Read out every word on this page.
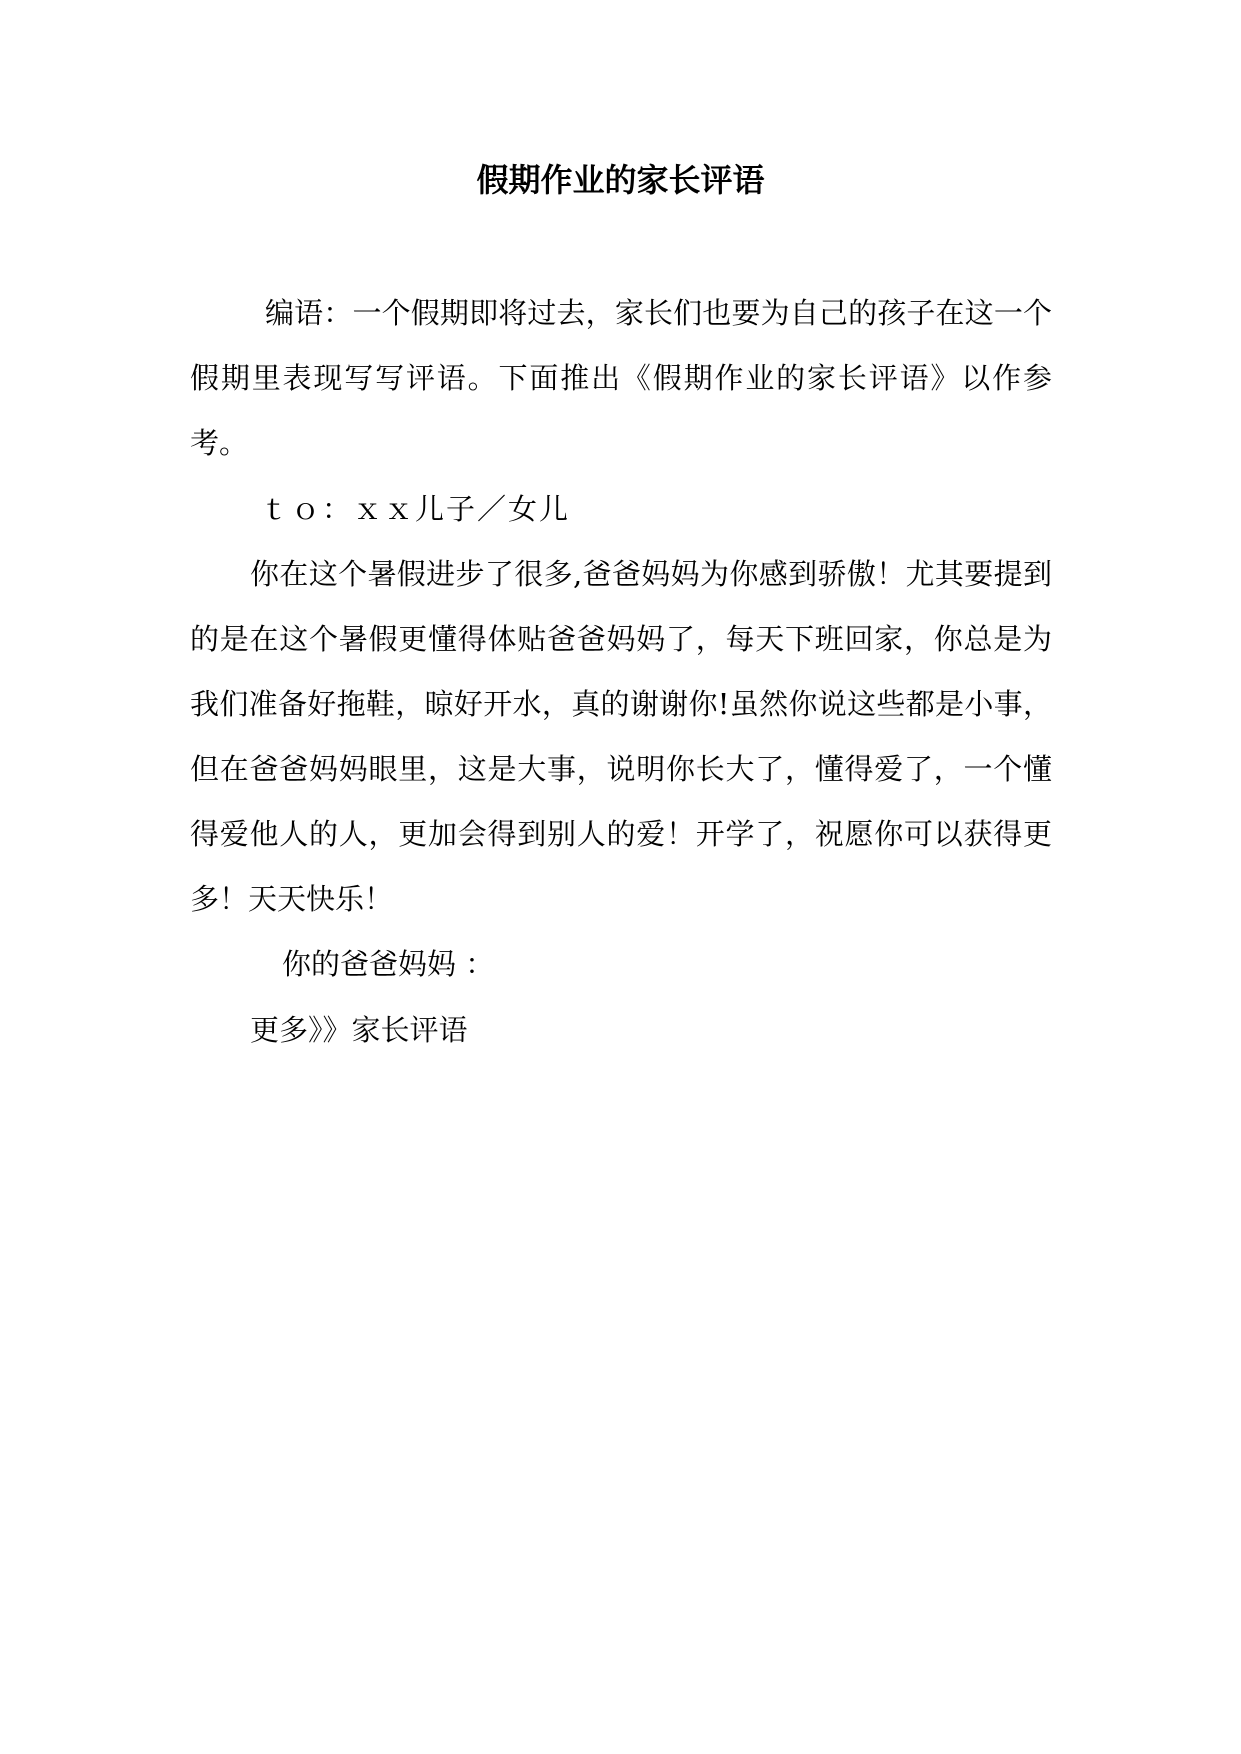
假期作业的家长评语

编语：一个假期即将过去，家长们也要为自己的孩子在这一个假期里表现写写评语。下面推出《假期作业的家长评语》以作参考。

ｔｏ：ｘｘ儿子／女儿

你在这个暑假进步了很多,爸爸妈妈为你感到骄傲！尤其要提到的是在这个暑假更懂得体贴爸爸妈妈了，每天下班回家，你总是为我们准备好拖鞋，晾好开水，真的谢谢你!虽然你说这些都是小事，但在爸爸妈妈眼里，这是大事，说明你长大了，懂得爱了，一个懂得爱他人的人，更加会得到别人的爱！开学了，祝愿你可以获得更多！天天快乐！

你的爸爸妈妈 ：

更多》》家长评语
